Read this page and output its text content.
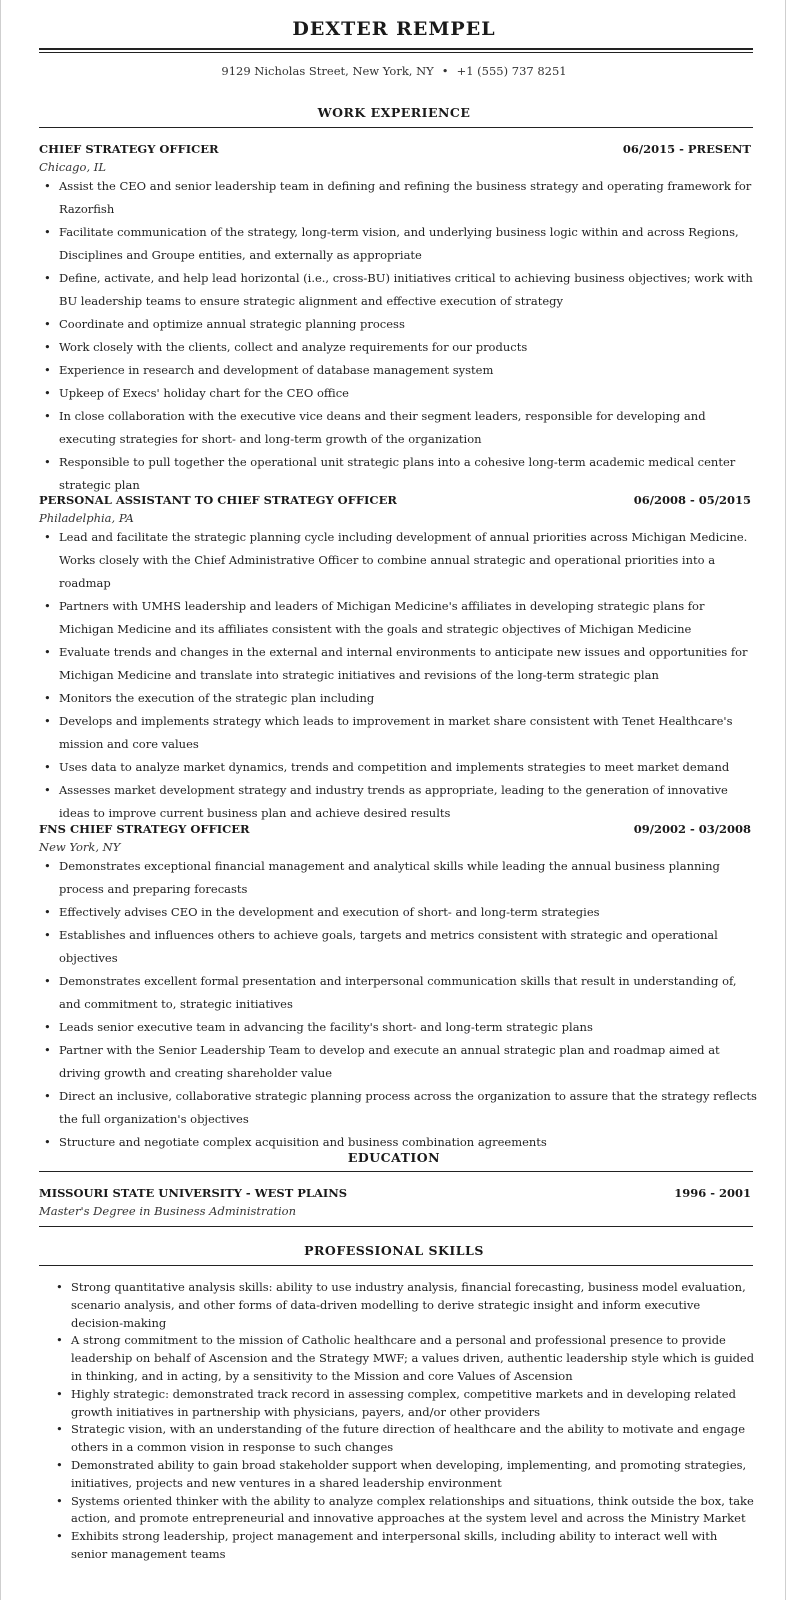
DEXTER REMPEL
9129 Nicholas Street, New York, NY • +1 (555) 737 8251
WORK EXPERIENCE
CHIEF STRATEGY OFFICER	06/2015 - PRESENT
Chicago, IL
• Assist the CEO and senior leadership team in defining and refining the business strategy and operating framework for Razorfish
• Facilitate communication of the strategy, long-term vision, and underlying business logic within and across Regions, Disciplines and Groupe entities, and externally as appropriate
• Define, activate, and help lead horizontal (i.e., cross-BU) initiatives critical to achieving business objectives; work with BU leadership teams to ensure strategic alignment and effective execution of strategy
• Coordinate and optimize annual strategic planning process
• Work closely with the clients, collect and analyze requirements for our products
• Experience in research and development of database management system
• Upkeep of Execs' holiday chart for the CEO office
• In close collaboration with the executive vice deans and their segment leaders, responsible for developing and executing strategies for short- and long-term growth of the organization
• Responsible to pull together the operational unit strategic plans into a cohesive long-term academic medical center strategic plan
PERSONAL ASSISTANT TO CHIEF STRATEGY OFFICER	06/2008 - 05/2015
Philadelphia, PA
• Lead and facilitate the strategic planning cycle including development of annual priorities across Michigan Medicine. Works closely with the Chief Administrative Officer to combine annual strategic and operational priorities into a roadmap
• Partners with UMHS leadership and leaders of Michigan Medicine's affiliates in developing strategic plans for Michigan Medicine and its affiliates consistent with the goals and strategic objectives of Michigan Medicine
• Evaluate trends and changes in the external and internal environments to anticipate new issues and opportunities for Michigan Medicine and translate into strategic initiatives and revisions of the long-term strategic plan
• Monitors the execution of the strategic plan including
• Develops and implements strategy which leads to improvement in market share consistent with Tenet Healthcare's mission and core values
• Uses data to analyze market dynamics, trends and competition and implements strategies to meet market demand
• Assesses market development strategy and industry trends as appropriate, leading to the generation of innovative ideas to improve current business plan and achieve desired results
FNS CHIEF STRATEGY OFFICER	09/2002 - 03/2008
New York, NY
• Demonstrates exceptional financial management and analytical skills while leading the annual business planning process and preparing forecasts
• Effectively advises CEO in the development and execution of short- and long-term strategies
• Establishes and influences others to achieve goals, targets and metrics consistent with strategic and operational objectives
• Demonstrates excellent formal presentation and interpersonal communication skills that result in understanding of, and commitment to, strategic initiatives
• Leads senior executive team in advancing the facility's short- and long-term strategic plans
• Partner with the Senior Leadership Team to develop and execute an annual strategic plan and roadmap aimed at driving growth and creating shareholder value
• Direct an inclusive, collaborative strategic planning process across the organization to assure that the strategy reflects the full organization's objectives
• Structure and negotiate complex acquisition and business combination agreements
EDUCATION
MISSOURI STATE UNIVERSITY - WEST PLAINS	1996 - 2001
Master's Degree in Business Administration
PROFESSIONAL SKILLS
• Strong quantitative analysis skills: ability to use industry analysis, financial forecasting, business model evaluation, scenario analysis, and other forms of data-driven modelling to derive strategic insight and inform executive decision-making
• A strong commitment to the mission of Catholic healthcare and a personal and professional presence to provide leadership on behalf of Ascension and the Strategy MWF; a values driven, authentic leadership style which is guided in thinking, and in acting, by a sensitivity to the Mission and core Values of Ascension
• Highly strategic: demonstrated track record in assessing complex, competitive markets and in developing related growth initiatives in partnership with physicians, payers, and/or other providers
• Strategic vision, with an understanding of the future direction of healthcare and the ability to motivate and engage others in a common vision in response to such changes
• Demonstrated ability to gain broad stakeholder support when developing, implementing, and promoting strategies, initiatives, projects and new ventures in a shared leadership environment
• Systems oriented thinker with the ability to analyze complex relationships and situations, think outside the box, take action, and promote entrepreneurial and innovative approaches at the system level and across the Ministry Market
• Exhibits strong leadership, project management and interpersonal skills, including ability to interact well with senior management teams
